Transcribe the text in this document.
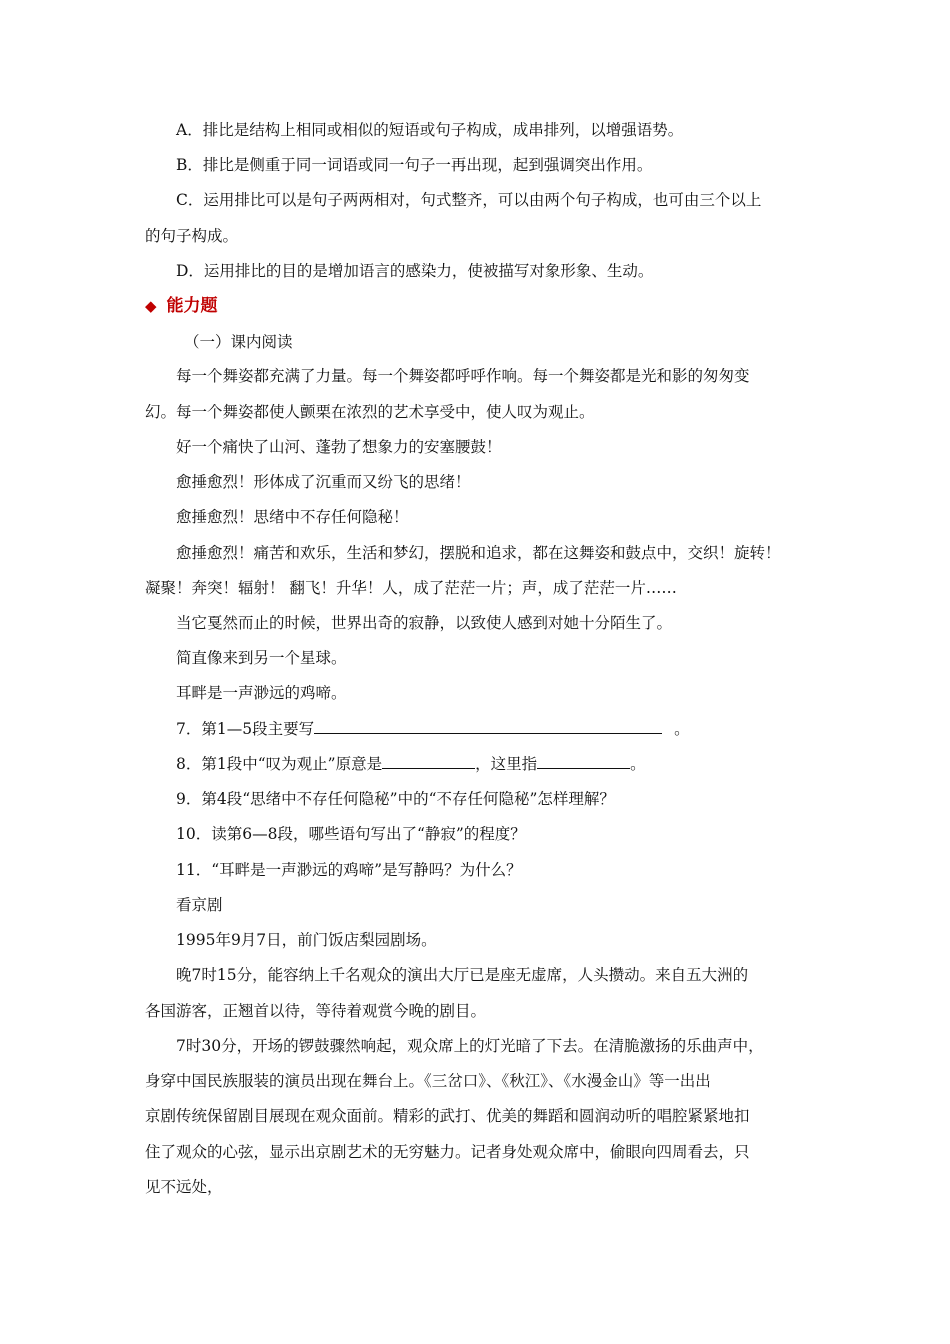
A．排比是结构上相同或相似的短语或句子构成，成串排列，以增强语势。
B．排比是侧重于同一词语或同一句子一再出现，起到强调突出作用。
C．运用排比可以是句子两两相对，句式整齐，可以由两个句子构成，也可由三个以上
的句子构成。
D．运用排比的目的是增加语言的感染力，使被描写对象形象、生动。
◆ 能力题
（一）课内阅读
每一个舞姿都充满了力量。每一个舞姿都呼呼作响。每一个舞姿都是光和影的匆匆变
幻。每一个舞姿都使人颤栗在浓烈的艺术享受中，使人叹为观止。
好一个痛快了山河、蓬勃了想象力的安塞腰鼓！
愈捶愈烈！形体成了沉重而又纷飞的思绪！
愈捶愈烈！思绪中不存任何隐秘！
愈捶愈烈！痛苦和欢乐，生活和梦幻，摆脱和追求，都在这舞姿和鼓点中，交织！旋转！
凝聚！奔突！辐射！ 翻飞！升华！人，成了茫茫一片；声，成了茫茫一片……
当它戛然而止的时候，世界出奇的寂静，以致使人感到对她十分陌生了。
简直像来到另一个星球。
耳畔是一声渺远的鸡啼。
7．第1—5段主要写	。
8．第1段中“叹为观止”原意是	，这里指	。
9．第4段“思绪中不存任何隐秘”中的“不存任何隐秘”怎样理解？
10．读第6—8段，哪些语句写出了“静寂”的程度？
11．“耳畔是一声渺远的鸡啼”是写静吗？为什么？
看京剧
1995年9月7日，前门饭店梨园剧场。
晚7时15分，能容纳上千名观众的演出大厅已是座无虚席，人头攒动。来自五大洲的
各国游客，正翘首以待，等待着观赏今晚的剧目。
7时30分，开场的锣鼓骤然响起，观众席上的灯光暗了下去。在清脆激扬的乐曲声中，
身穿中国民族服装的演员出现在舞台上。《三岔口》、《秋江》、《水漫金山》等一出出
京剧传统保留剧目展现在观众面前。精彩的武打、优美的舞蹈和圆润动听的唱腔紧紧地扣
住了观众的心弦，显示出京剧艺术的无穷魅力。记者身处观众席中，偷眼向四周看去，只
见不远处，
